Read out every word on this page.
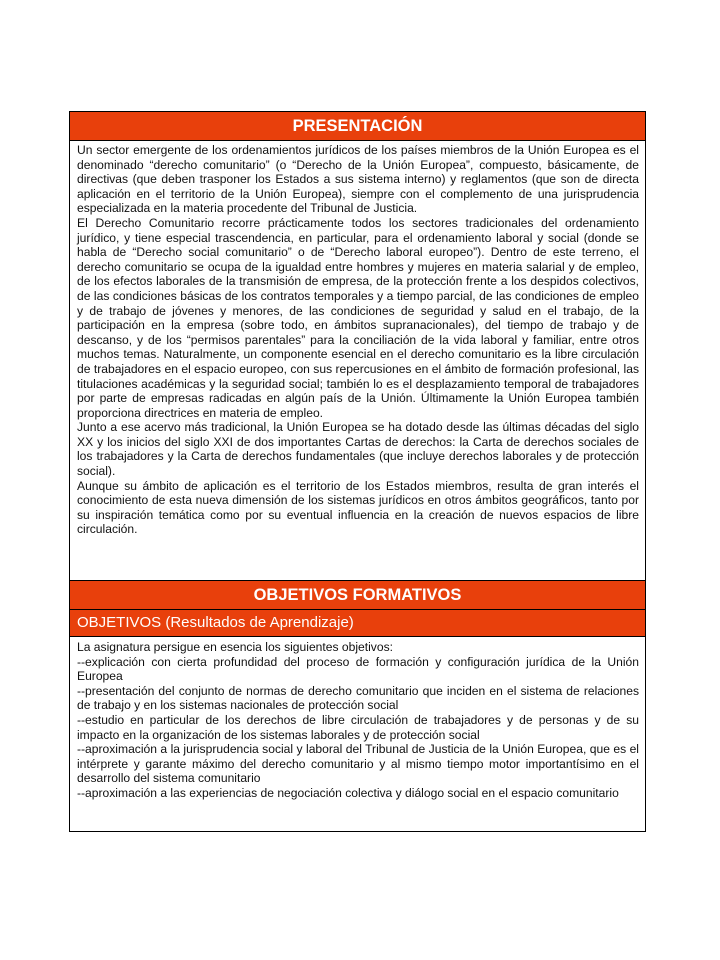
PRESENTACIÓN

Un sector emergente de los ordenamientos jurídicos de los países miembros de la Unión Europea es el denominado “derecho comunitario” (o “Derecho de la Unión Europea”, compuesto, básicamente, de directivas (que deben trasponer los Estados a sus sistema interno) y reglamentos (que son de directa aplicación en el territorio de la Unión Europea), siempre con el complemento de una jurisprudencia especializada en la materia procedente del Tribunal de Justicia.

El Derecho Comunitario recorre prácticamente todos los sectores tradicionales del ordenamiento jurídico, y tiene especial trascendencia, en particular, para el ordenamiento laboral y social (donde se habla de “Derecho social comunitario” o de “Derecho laboral europeo”). Dentro de este terreno, el derecho comunitario se ocupa de la igualdad entre hombres y mujeres en materia salarial y de empleo, de los efectos laborales de la transmisión de empresa, de la protección frente a los despidos colectivos, de las condiciones básicas de los contratos temporales y a tiempo parcial, de las condiciones de empleo y de trabajo de jóvenes y menores, de las condiciones de seguridad y salud en el trabajo, de la participación en la empresa (sobre todo, en ámbitos supranacionales), del tiempo de trabajo y de descanso, y de los “permisos parentales” para la conciliación de la vida laboral y familiar, entre otros muchos temas. Naturalmente, un componente esencial en el derecho comunitario es la libre circulación de trabajadores en el espacio europeo, con sus repercusiones en el ámbito de formación profesional, las titulaciones académicas y la seguridad social; también lo es el desplazamiento temporal de trabajadores por parte de empresas radicadas en algún país de la Unión. Últimamente la Unión Europea también proporciona directrices en materia de empleo.

Junto a ese acervo más tradicional, la Unión Europea se ha dotado desde las últimas décadas del siglo XX y los inicios del siglo XXI de dos importantes Cartas de derechos: la Carta de derechos sociales de los trabajadores y la Carta de derechos fundamentales (que incluye derechos laborales y de protección social).

Aunque su ámbito de aplicación es el territorio de los Estados miembros, resulta de gran interés el conocimiento de esta nueva dimensión de los sistemas jurídicos en otros ámbitos geográficos, tanto por su inspiración temática como por su eventual influencia en la creación de nuevos espacios de libre circulación.

OBJETIVOS FORMATIVOS
OBJETIVOS (Resultados de Aprendizaje)

La asignatura persigue en esencia los siguientes objetivos:

--explicación con cierta profundidad del proceso de formación y configuración jurídica de la Unión Europea

--presentación del conjunto de normas de derecho comunitario que inciden en el sistema de relaciones de trabajo y en los sistemas nacionales de protección social

--estudio en particular de los derechos de libre circulación de trabajadores y de personas y de su impacto en la organización de los sistemas laborales y de protección social

--aproximación a la jurisprudencia social y laboral del Tribunal de Justicia de la Unión Europea, que es el intérprete y garante máximo del derecho comunitario y al mismo tiempo motor importantísimo en el desarrollo del sistema comunitario

--aproximación a las experiencias de negociación colectiva y diálogo social en el espacio comunitario
